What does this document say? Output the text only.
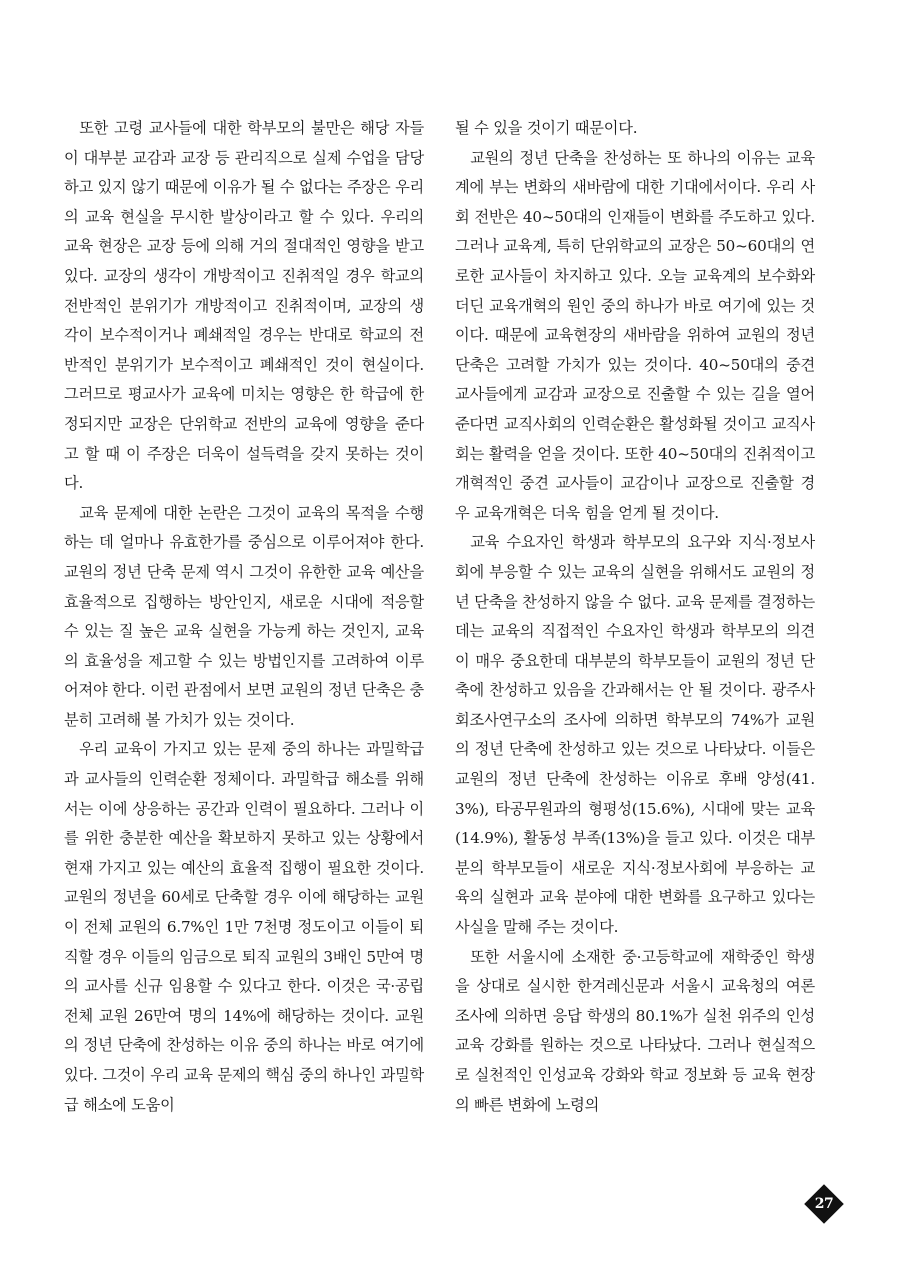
또한 고령 교사들에 대한 학부모의 불만은 해당 자들이 대부분 교감과 교장 등 관리직으로 실제 수업을 담당하고 있지 않기 때문에 이유가 될 수 없다는 주장은 우리의 교육 현실을 무시한 발상이라고 할 수 있다. 우리의 교육 현장은 교장 등에 의해 거의 절대적인 영향을 받고 있다. 교장의 생각이 개방적이고 진취적일 경우 학교의 전반적인 분위기가 개방적이고 진취적이며, 교장의 생각이 보수적이거나 폐쇄적일 경우는 반대로 학교의 전반적인 분위기가 보수적이고 폐쇄적인 것이 현실이다. 그러므로 평교사가 교육에 미치는 영향은 한 학급에 한정되지만 교장은 단위학교 전반의 교육에 영향을 준다고 할 때 이 주장은 더욱이 설득력을 갖지 못하는 것이다.

교육 문제에 대한 논란은 그것이 교육의 목적을 수행하는 데 얼마나 유효한가를 중심으로 이루어져야 한다. 교원의 정년 단축 문제 역시 그것이 유한한 교육 예산을 효율적으로 집행하는 방안인지, 새로운 시대에 적응할 수 있는 질 높은 교육 실현을 가능케 하는 것인지, 교육의 효율성을 제고할 수 있는 방법인지를 고려하여 이루어져야 한다. 이런 관점에서 보면 교원의 정년 단축은 충분히 고려해 볼 가치가 있는 것이다.

우리 교육이 가지고 있는 문제 중의 하나는 과밀학급과 교사들의 인력순환 정체이다. 과밀학급 해소를 위해서는 이에 상응하는 공간과 인력이 필요하다. 그러나 이를 위한 충분한 예산을 확보하지 못하고 있는 상황에서 현재 가지고 있는 예산의 효율적 집행이 필요한 것이다. 교원의 정년을 60세로 단축할 경우 이에 해당하는 교원이 전체 교원의 6.7%인 1만 7천명 정도이고 이들이 퇴직할 경우 이들의 임금으로 퇴직 교원의 3배인 5만여 명의 교사를 신규 임용할 수 있다고 한다. 이것은 국·공립 전체 교원 26만여 명의 14%에 해당하는 것이다. 교원의 정년 단축에 찬성하는 이유 중의 하나는 바로 여기에 있다. 그것이 우리 교육 문제의 핵심 중의 하나인 과밀학급 해소에 도움이

될 수 있을 것이기 때문이다.

교원의 정년 단축을 찬성하는 또 하나의 이유는 교육계에 부는 변화의 새바람에 대한 기대에서이다. 우리 사회 전반은 40~50대의 인재들이 변화를 주도하고 있다. 그러나 교육계, 특히 단위학교의 교장은 50~60대의 연로한 교사들이 차지하고 있다. 오늘 교육계의 보수화와 더딘 교육개혁의 원인 중의 하나가 바로 여기에 있는 것이다. 때문에 교육현장의 새바람을 위하여 교원의 정년 단축은 고려할 가치가 있는 것이다. 40~50대의 중견 교사들에게 교감과 교장으로 진출할 수 있는 길을 열어 준다면 교직사회의 인력순환은 활성화될 것이고 교직사회는 활력을 얻을 것이다. 또한 40~50대의 진취적이고 개혁적인 중견 교사들이 교감이나 교장으로 진출할 경우 교육개혁은 더욱 힘을 얻게 될 것이다.

교육 수요자인 학생과 학부모의 요구와 지식·정보사회에 부응할 수 있는 교육의 실현을 위해서도 교원의 정년 단축을 찬성하지 않을 수 없다. 교육 문제를 결정하는 데는 교육의 직접적인 수요자인 학생과 학부모의 의견이 매우 중요한데 대부분의 학부모들이 교원의 정년 단축에 찬성하고 있음을 간과해서는 안 될 것이다. 광주사회조사연구소의 조사에 의하면 학부모의 74%가 교원의 정년 단축에 찬성하고 있는 것으로 나타났다. 이들은 교원의 정년 단축에 찬성하는 이유로 후배 양성(41.3%), 타공무원과의 형평성(15.6%), 시대에 맞는 교육(14.9%), 활동성 부족(13%)을 들고 있다. 이것은 대부분의 학부모들이 새로운 지식·정보사회에 부응하는 교육의 실현과 교육 분야에 대한 변화를 요구하고 있다는 사실을 말해 주는 것이다.

또한 서울시에 소재한 중·고등학교에 재학중인 학생을 상대로 실시한 한겨레신문과 서울시 교육청의 여론조사에 의하면 응답 학생의 80.1%가 실천 위주의 인성교육 강화를 원하는 것으로 나타났다. 그러나 현실적으로 실천적인 인성교육 강화와 학교 정보화 등 교육 현장의 빠른 변화에 노령의

27
